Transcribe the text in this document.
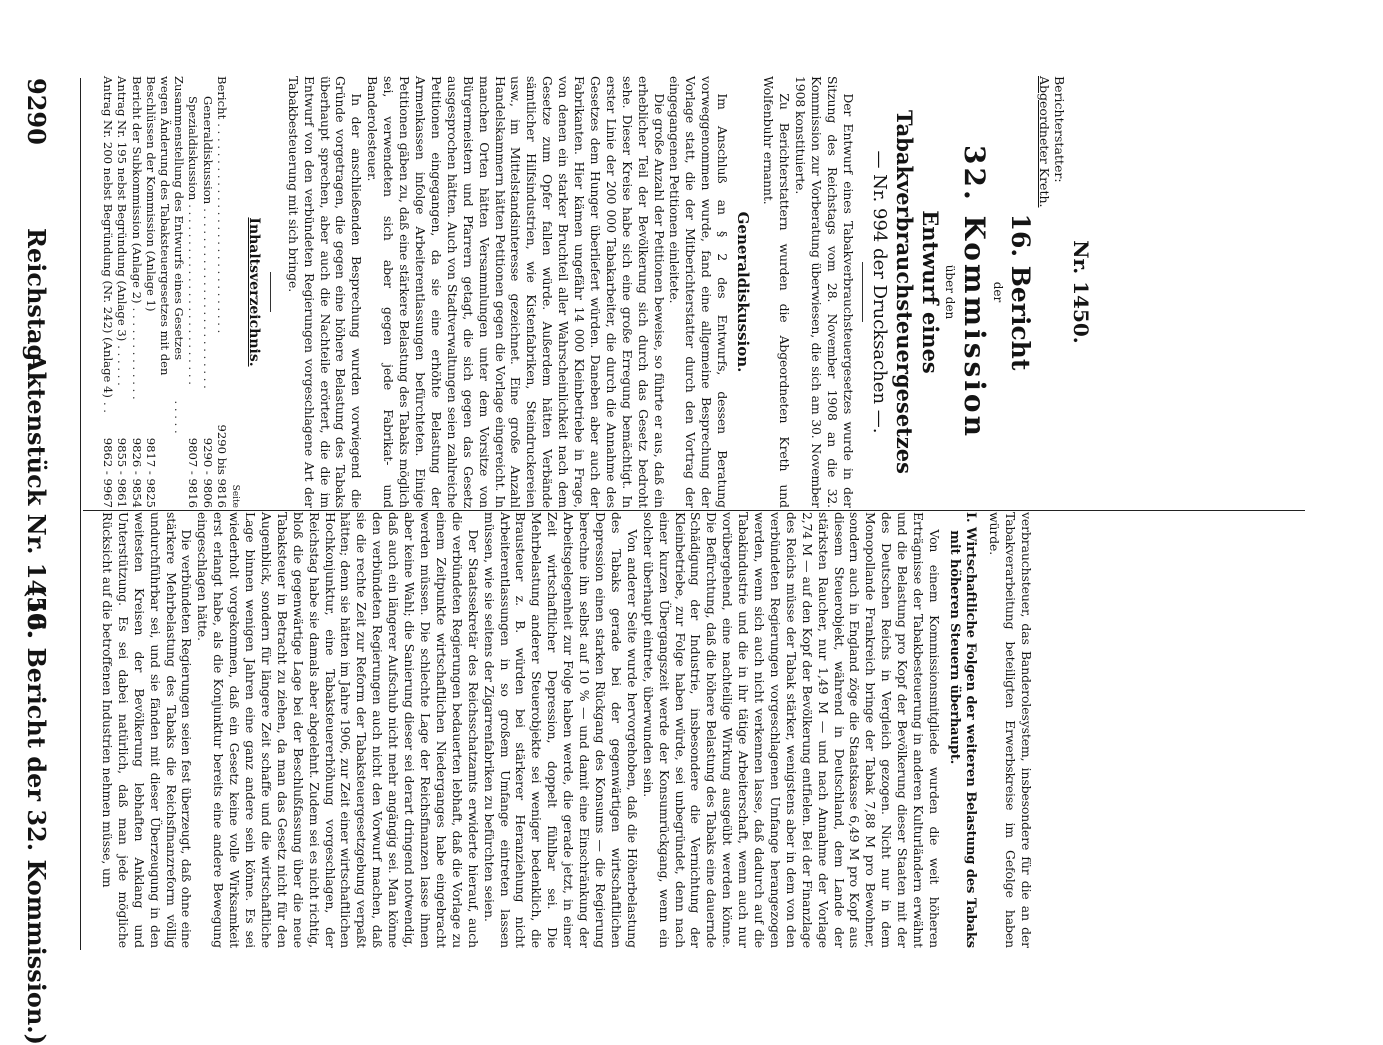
9290
Reichstag.
Aktenstück Nr. 1450.
(16. Bericht der 32. Kommission.)
Nr. 1450.
Berichterstatter:
Abgeordneter Kreth.
16. Bericht
der
32. Kommission
über den
Entwurf eines Tabakverbrauchsteuergesetzes
— Nr. 994 der Drucksachen —.

Der Entwurf eines Tabakverbrauchsteuergesetzes wurde in der Sitzung des Reichstags vom 28. November 1908 an die 32. Kommission zur Vorberatung überwiesen, die sich am 30. November 1908 konstituierte.

Zu Berichterstattern wurden die Abgeordneten Kreth und Wolfenbuhr ernannt.

Generaldiskussion.

Im Anschluß an § 2 des Entwurfs, dessen Beratung vorweggenommen wurde, fand eine allgemeine Besprechung der Vorlage statt, die der Mitberichterstatter durch den Vortrag der eingegangenen Petitionen einleitete.

Die große Anzahl der Petitionen beweise, so führte er aus, daß ein erheblicher Teil der Bevölkerung sich durch das Gesetz bedroht sehe. Dieser Kreise habe sich eine große Erregung bemächtigt. In erster Linie der 200 000 Tabakarbeiter, die durch die Annahme des Gesetzes dem Hunger überliefert würden. Daneben aber auch der Fabrikanten. Hier kämen ungefähr 14 000 Kleinbetriebe in Frage, von denen ein starker Bruchteil aller Wahrscheinlichkeit nach dem Gesetze zum Opfer fallen würde. Außerdem hätten Verbände sämtlicher Hilfsindustrien, wie Kistenfabriken, Steindruckereien usw., im Mittelstandsinteresse gezeichnet. Eine große Anzahl Handelskammern hätten Petitionen gegen die Vorlage eingereicht. In manchen Orten hätten Versammlungen unter dem Vorsitze von Bürgermeistern und Pfarrern getagt, die sich gegen das Gesetz ausgesprochen hätten. Auch von Stadtverwaltungen seien zahlreiche Petitionen eingegangen, da sie eine erhöhte Belastung der Armenkassen infolge Arbeiterentlassungen befürchteten. Einige Petitionen gäben zu, daß eine stärkere Belastung des Tabaks möglich sei, verwendeten sich aber gegen jede Fabrikat- und Banderolesteuer.

In der anschließenden Besprechung wurden vorwiegend die Gründe vorgetragen, die gegen eine höhere Belastung des Tabaks überhaupt sprechen, aber auch die Nachteile erörtert, die die im Entwurf von den verbündeten Regierungen vorgeschlagene Art der Tabakbesteuerung mit sich bringe.

Inhaltsverzeichnis.
Seite
Bericht
. . . . . . . . . . . . . . . . . . . . . . . . . . . . .
9290 bis 9816
Generaldiskussion
. . . . . . . . . . . . . . . . . . . . . . . . .
9290 - 9806
Spezialdiskussion
. . . . . . . . . . . . . . . . . . . . . . . . .
9807 - 9816
Zusammenstellung des Entwurfs eines Gesetzes wegen Änderung des Tabaksteuergesetzes mit den Beschlüssen der Kommission (Anlage 1)
. . . . .
9817 - 9825
Bericht der Subkommission (Anlage 2)
. . . . . . . . . . . . .
9826 - 9854
Antrag Nr. 195 nebst Begründung (Anlage 3)
. . . . . .
9855 - 9861
Antrag Nr. 200 nebst Begründung (Nr. 242) (Anlage 4)
. .
9862 - 9967

verbrauchsteuer, das Banderolesystem, insbesondere für die an der Tabakverarbeitung beteiligten Erwerbskreise im Gefolge haben würde.

I. Wirtschaftliche Folgen der weiteren Belastung des Tabaks mit höheren Steuern überhaupt.

Von einem Kommissionsmitgliede wurden die weit höheren Erträgnisse der Tabakbesteuerung in anderen Kulturländern erwähnt und die Belastung pro Kopf der Bevölkerung dieser Staaten mit der des Deutschen Reichs in Vergleich gezogen. Nicht nur in dem Monopollande Frankreich bringe der Tabak 7,88 M pro Bewohner, sondern auch in England zöge die Staatskasse 6,49 M pro Kopf aus diesem Steuerobjekt, während in Deutschland, dem Lande der stärksten Raucher, nur 1,49 M — und nach Annahme der Vorlage 2,74 M — auf den Kopf der Bevölkerung entfielen. Bei der Finanzlage des Reichs müsse der Tabak stärker, wenigstens aber in dem von den verbündeten Regierungen vorgeschlagenen Umfange herangezogen werden, wenn sich auch nicht verkennen lasse, daß dadurch auf die Tabakindustrie und die in ihr tätige Arbeiterschaft, wenn auch nur vorübergehend, eine nachteilige Wirkung ausgeübt werden könne. Die Befürchtung, daß die höhere Belastung des Tabaks eine dauernde Schädigung der Industrie, insbesondere die Vernichtung der Kleinbetriebe, zur Folge haben würde, sei unbegründet, denn nach einer kurzen Übergangszeit werde der Konsumrückgang, wenn ein solcher überhaupt eintrete, überwunden sein.

Von anderer Seite wurde hervorgehoben, daß die Höherbelastung des Tabaks gerade bei der gegenwärtigen wirtschaftlichen Depression einen starken Rückgang des Konsums — die Regierung berechne ihn selbst auf 10 % — und damit eine Einschränkung der Arbeitsgelegenheit zur Folge haben werde, die gerade jetzt, in einer Zeit wirtschaftlicher Depression, doppelt fühlbar sei. Die Mehrbelastung anderer Steuerobjekte sei weniger bedenklich, die Brausteuer z. B. würden bei stärkerer Heranziehung nicht Arbeiterentlassungen in so großem Umfange eintreten lassen müssen, wie sie seitens der Zigarrenfabriken zu befürchten seien.

Der Staatssekretär des Reichsschatzamts erwiderte hierauf, auch die verbündeten Regierungen bedauerten lebhaft, daß die Vorlage zu einem Zeitpunkte wirtschaftlichen Niederganges habe eingebracht werden müssen. Die schlechte Lage der Reichsfinanzen lasse ihnen aber keine Wahl; die Sanierung dieser sei derart dringend notwendig, daß auch ein längerer Aufschub nicht mehr angängig sei. Man könne den verbündeten Regierungen auch nicht den Vorwurf machen, daß sie die rechte Zeit zur Reform der Tabaksteuergesetzgebung verpaßt hätten; denn sie hätten im Jahre 1906, zur Zeit einer wirtschaftlichen Hochkonjunktur, eine Tabaksteuererhöhung vorgeschlagen, der Reichstag habe sie damals aber abgelehnt. Zudem sei es nicht richtig, bloß die gegenwärtige Lage bei der Beschlußfassung über die neue Tabaksteuer in Betracht zu ziehen, da man das Gesetz nicht für den Augenblick, sondern für längere Zeit schaffe und die wirtschaftliche Lage binnen wenigen Jahren eine ganz andere sein könne. Es sei wiederholt vorgekommen, daß ein Gesetz keine volle Wirksamkeit erst erlangt habe, als die Konjunktur bereits eine andere Bewegung eingeschlagen hätte.

Die verbündeten Regierungen seien fest überzeugt, daß ohne eine stärkere Mehrbelastung des Tabaks die Reichsfinanzreform völlig undurchführbar sei, und sie fänden mit dieser Überzeugung in den weitesten Kreisen der Bevölkerung lebhaften Anklang und Unterstützung. Es sei dabei natürlich, daß man jede mögliche Rücksicht auf die betroffenen Industrien nehmen müsse, um
